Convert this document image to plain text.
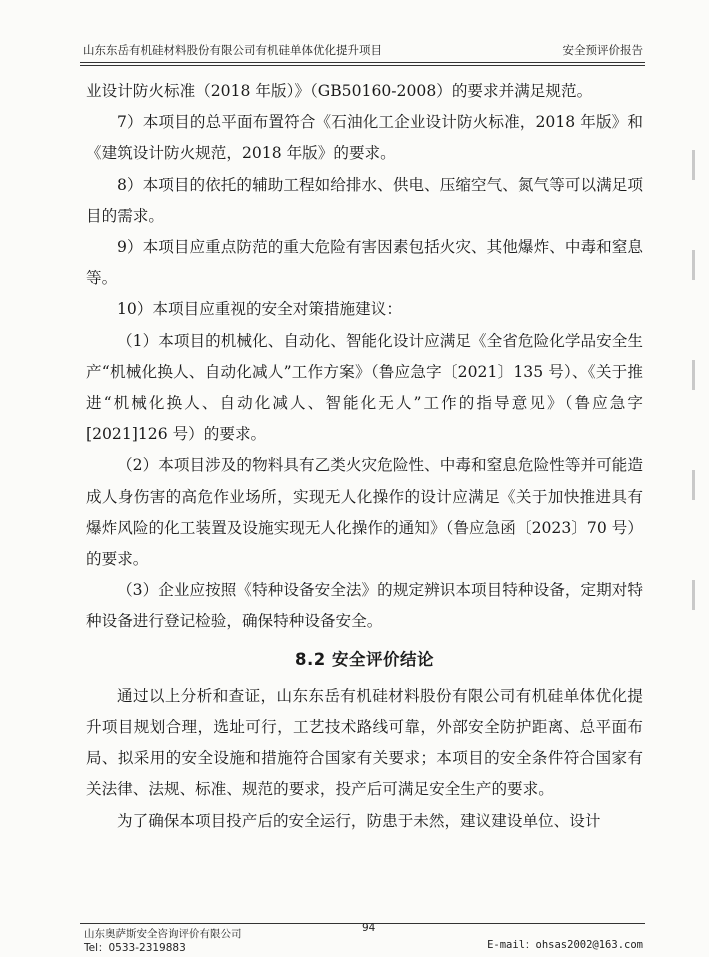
山东东岳有机硅材料股份有限公司有机硅单体优化提升项目	安全预评价报告

业设计防火标准（2018 年版）》（GB50160-2008）的要求并满足规范。

7）本项目的总平面布置符合《石油化工企业设计防火标准，2018 年版》和《建筑设计防火规范，2018 年版》的要求。

8）本项目的依托的辅助工程如给排水、供电、压缩空气、氮气等可以满足项目的需求。

9）本项目应重点防范的重大危险有害因素包括火灾、其他爆炸、中毒和窒息等。

10）本项目应重视的安全对策措施建议：

（1）本项目的机械化、自动化、智能化设计应满足《全省危险化学品安全生产“机械化换人、自动化减人”工作方案》（鲁应急字〔2021〕135 号）、《关于推进“机械化换人、自动化减人、智能化无人”工作的指导意见》（鲁应急字[2021]126 号）的要求。

（2）本项目涉及的物料具有乙类火灾危险性、中毒和窒息危险性等并可能造成人身伤害的高危作业场所，实现无人化操作的设计应满足《关于加快推进具有爆炸风险的化工装置及设施实现无人化操作的通知》（鲁应急函〔2023〕70 号）的要求。

（3）企业应按照《特种设备安全法》的规定辨识本项目特种设备，定期对特种设备进行登记检验，确保特种设备安全。

8.2 安全评价结论

通过以上分析和查证，山东东岳有机硅材料股份有限公司有机硅单体优化提升项目规划合理，选址可行，工艺技术路线可靠，外部安全防护距离、总平面布局、拟采用的安全设施和措施符合国家有关要求；本项目的安全条件符合国家有关法律、法规、标准、规范的要求，投产后可满足安全生产的要求。

为了确保本项目投产后的安全运行，防患于未然，建议建设单位、设计

山东奥萨斯安全咨询评价有限公司	94
Tel：0533-2319883	E-mail：ohsas2002@163.com
